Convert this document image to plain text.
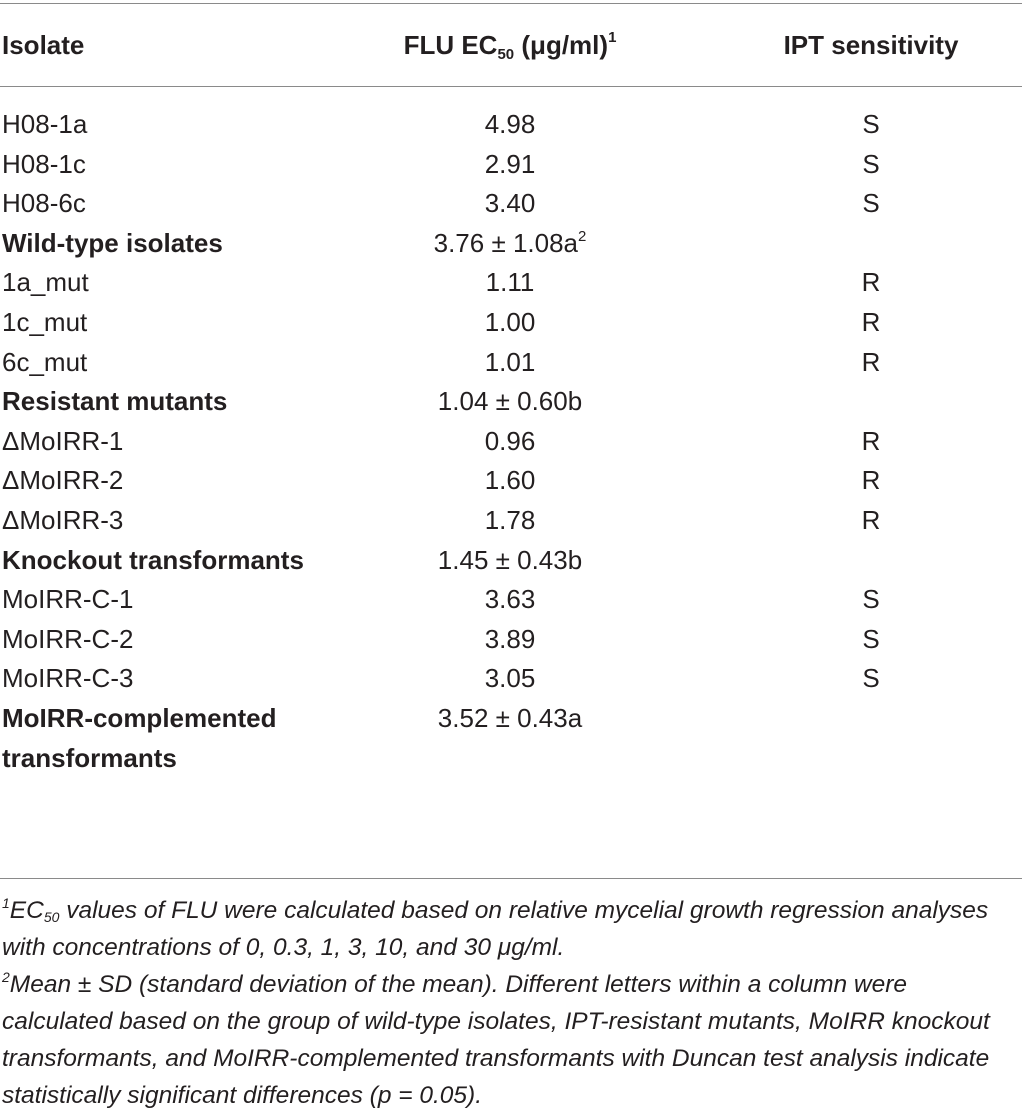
Isolate	FLU $EC_{50}$ $(\mu g/ml)^1$	IPT sensitivity
H08-1a	4.98	S
H08-1c	2.91	S
H08-6c	3.40	S

Wild-type isolates	$3.76 \pm 1.08a^2$	
1a_mut	1.11	R
1c_mut	1.00	R
6c_mut	1.01	R

Resistant mutants	1.04 ± 0.60b	
ΔMoIRR-1	0.96	R
ΔMoIRR-2	1.60	R
ΔMoIRR-3	1.78	R

Knockout transformants	1.45 ± 0.43b	
MoIRR-C-1	3.63	S
MoIRR-C-2	3.89	S
MoIRR-C-3	3.05	S

MoIRR-complemented transformants	3.52 ± 0.43a	

$^1$EC50 values of FLU were calculated based on relative mycelial growth regression analyses with concentrations of 0, 0.3, 1, 3, 10, and 30 μg/ml.

$^2$Mean ± SD (standard deviation of the mean). Different letters within a column were calculated based on the group of wild-type isolates, IPT-resistant mutants, MoIRR knockout transformants, and MoIRR-complemented transformants with Duncan test analysis indicate statistically significant differences (p = 0.05).
